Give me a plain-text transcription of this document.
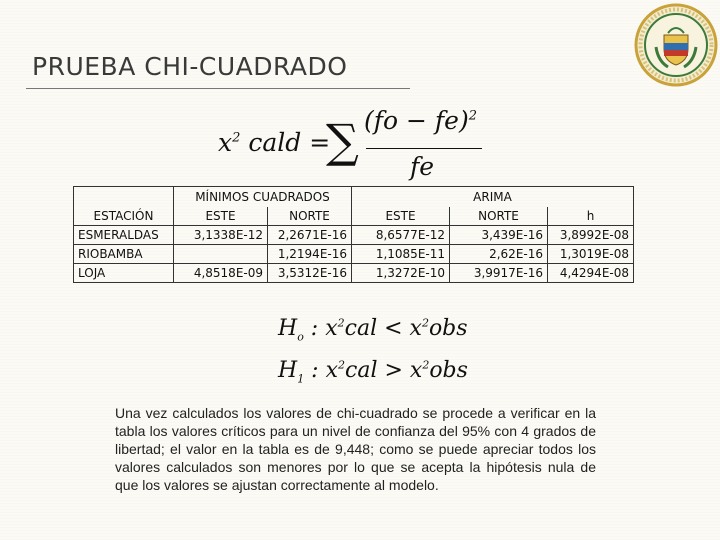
PRUEBA CHI-CUADRADO
$x^2$ cald =
∑ (fo − fe)$^2$
fe
	MÍNIMOS CUADRADOS		ARIMA		
ESTACIÓN	ESTE	NORTE	ESTE	NORTE	h
ESMERALDAS	3,1338E-12	2,2671E-16	8,6577E-12	3,439E-16	3,8992E-08
RIOBAMBA		1,2194E-16	1,1085E-11	2,62E-16	1,3019E-08
LOJA	4,8518E-09	3,5312E-16	1,3272E-10	3,9917E-16	4,4294E-08
$H_o$ : $x^2cal < x^2obs$
$H_1$ : $x^2cal > x^2obs$

Una vez calculados los valores de chi-cuadrado se procede a verificar en la tabla los valores críticos para un nivel de confianza del 95% con 4 grados de libertad; el valor en la tabla es de 9,448; como se puede apreciar todos los valores calculados son menores por lo que se acepta la hipótesis nula de que los valores se ajustan correctamente al modelo.
